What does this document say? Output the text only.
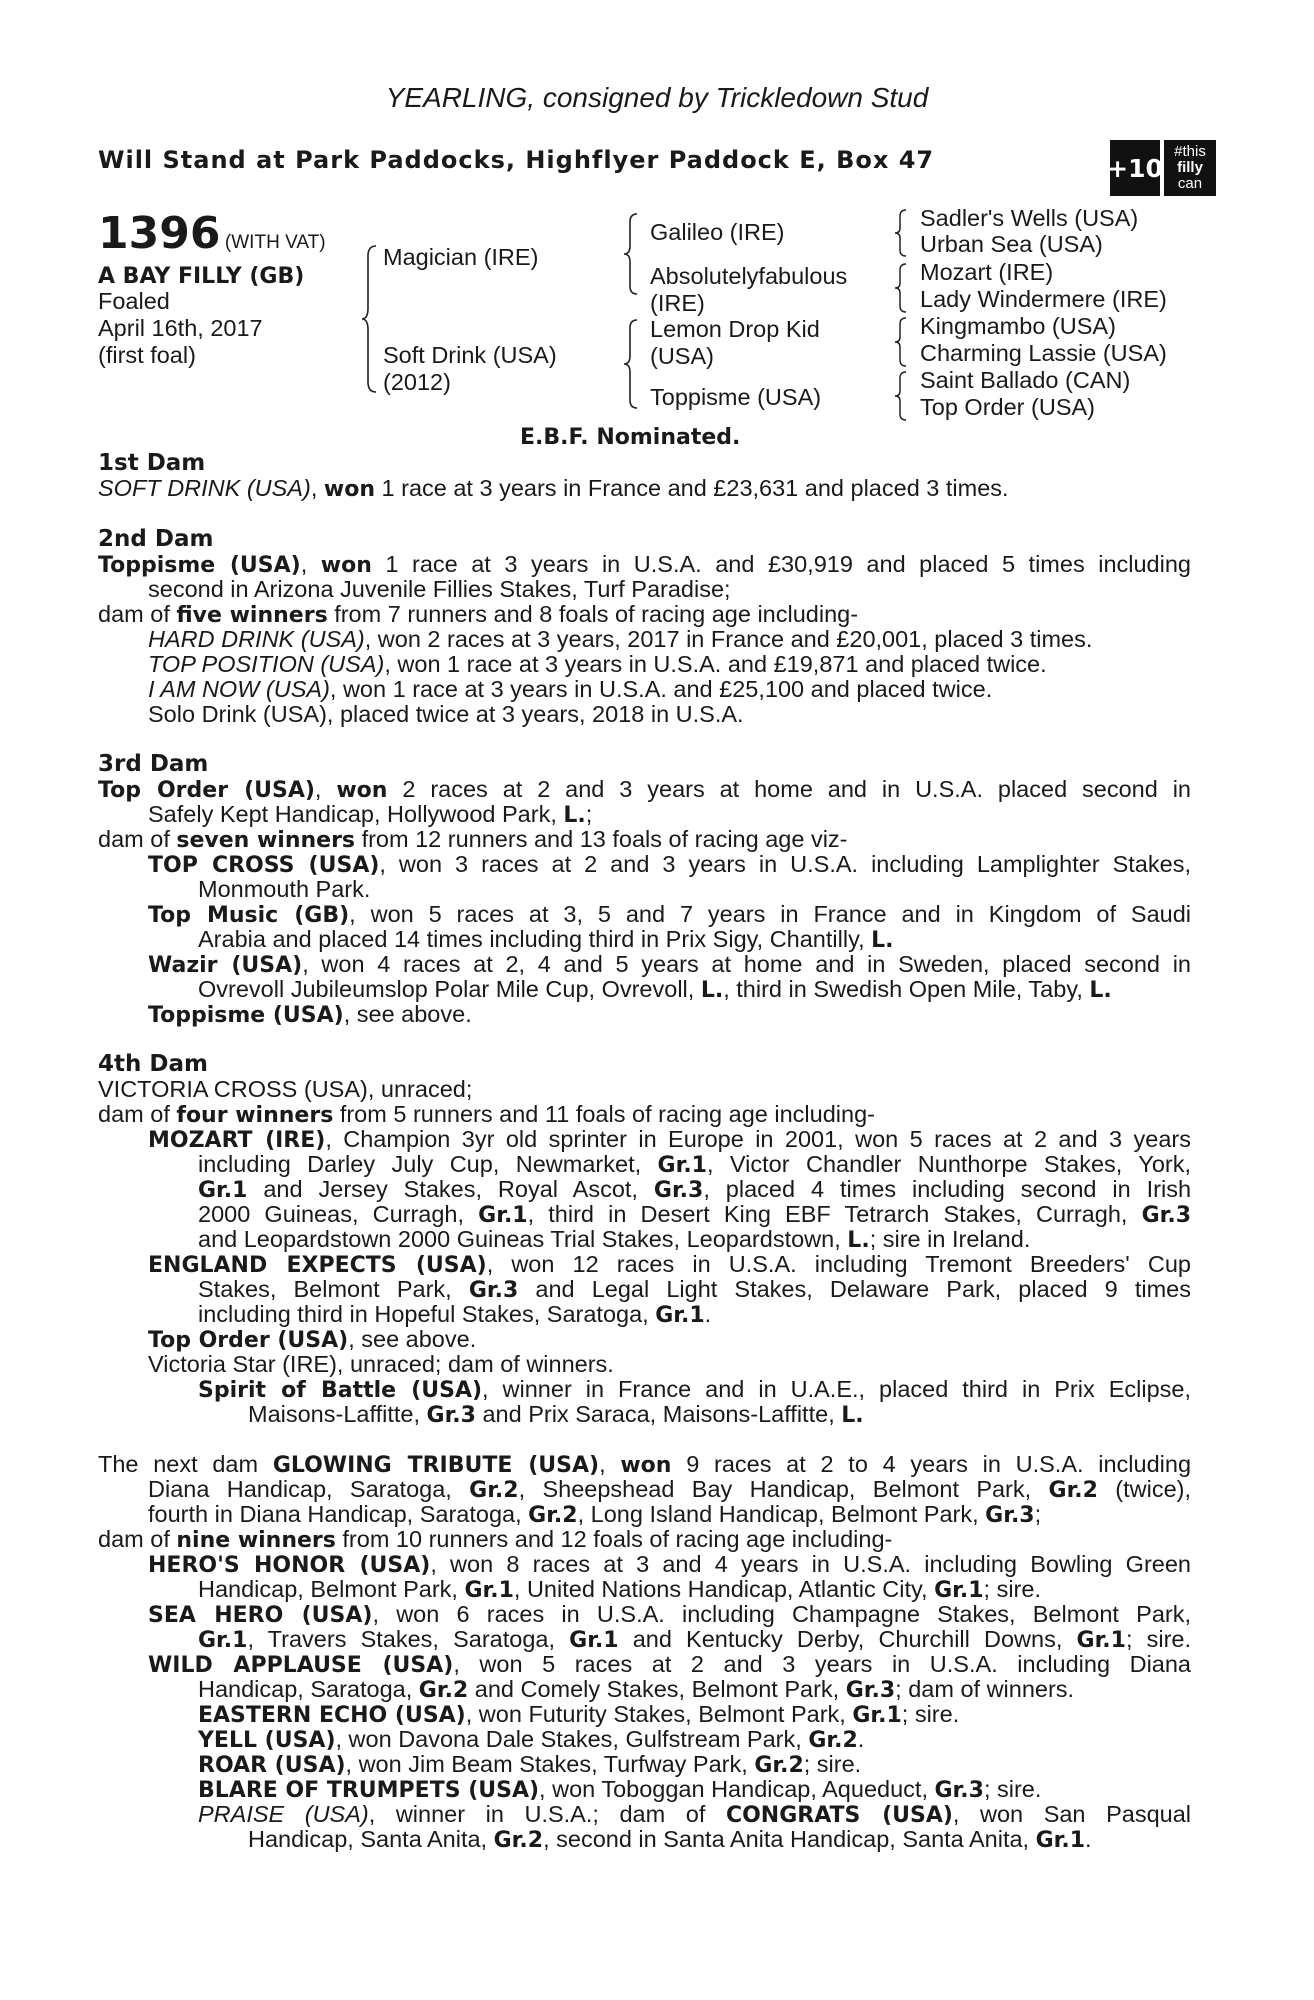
YEARLING, consigned by Trickledown Stud
Will Stand at Park Paddocks, Highflyer Paddock E, Box 47	+10
#this
filly
can
1396 (WITH VAT)
A BAY FILLY (GB)
Foaled
April 16th, 2017
(first foal)
Magician (IRE)
Soft Drink (USA)
(2012)
Galileo (IRE)
Absolutelyfabulous
(IRE)
Lemon Drop Kid
(USA)
Toppisme (USA)
Sadler's Wells (USA)
Urban Sea (USA)
Mozart (IRE)
Lady Windermere (IRE)
Kingmambo (USA)
Charming Lassie (USA)
Saint Ballado (CAN)
Top Order (USA)
E.B.F. Nominated.
1st Dam
SOFT DRINK (USA), won 1 race at 3 years in France and £23,631 and placed 3 times.
2nd Dam
Toppisme (USA), won 1 race at 3 years in U.S.A. and £30,919 and placed 5 times including
second in Arizona Juvenile Fillies Stakes, Turf Paradise;
dam of five winners from 7 runners and 8 foals of racing age including-
HARD DRINK (USA), won 2 races at 3 years, 2017 in France and £20,001, placed 3 times.
TOP POSITION (USA), won 1 race at 3 years in U.S.A. and £19,871 and placed twice.
I AM NOW (USA), won 1 race at 3 years in U.S.A. and £25,100 and placed twice.
Solo Drink (USA), placed twice at 3 years, 2018 in U.S.A.
3rd Dam
Top Order (USA), won 2 races at 2 and 3 years at home and in U.S.A. placed second in
Safely Kept Handicap, Hollywood Park, L.;
dam of seven winners from 12 runners and 13 foals of racing age viz-
TOP CROSS (USA), won 3 races at 2 and 3 years in U.S.A. including Lamplighter Stakes,
Monmouth Park.
Top Music (GB), won 5 races at 3, 5 and 7 years in France and in Kingdom of Saudi
Arabia and placed 14 times including third in Prix Sigy, Chantilly, L.
Wazir (USA), won 4 races at 2, 4 and 5 years at home and in Sweden, placed second in
Ovrevoll Jubileumslop Polar Mile Cup, Ovrevoll, L., third in Swedish Open Mile, Taby, L.
Toppisme (USA), see above.
4th Dam
VICTORIA CROSS (USA), unraced;
dam of four winners from 5 runners and 11 foals of racing age including-
MOZART (IRE), Champion 3yr old sprinter in Europe in 2001, won 5 races at 2 and 3 years
including Darley July Cup, Newmarket, Gr.1, Victor Chandler Nunthorpe Stakes, York,
Gr.1 and Jersey Stakes, Royal Ascot, Gr.3, placed 4 times including second in Irish
2000 Guineas, Curragh, Gr.1, third in Desert King EBF Tetrarch Stakes, Curragh, Gr.3
and Leopardstown 2000 Guineas Trial Stakes, Leopardstown, L.; sire in Ireland.
ENGLAND EXPECTS (USA), won 12 races in U.S.A. including Tremont Breeders' Cup
Stakes, Belmont Park, Gr.3 and Legal Light Stakes, Delaware Park, placed 9 times
including third in Hopeful Stakes, Saratoga, Gr.1.
Top Order (USA), see above.
Victoria Star (IRE), unraced; dam of winners.
Spirit of Battle (USA), winner in France and in U.A.E., placed third in Prix Eclipse,
Maisons-Laffitte, Gr.3 and Prix Saraca, Maisons-Laffitte, L.
The next dam GLOWING TRIBUTE (USA), won 9 races at 2 to 4 years in U.S.A. including
Diana Handicap, Saratoga, Gr.2, Sheepshead Bay Handicap, Belmont Park, Gr.2 (twice),
fourth in Diana Handicap, Saratoga, Gr.2, Long Island Handicap, Belmont Park, Gr.3;
dam of nine winners from 10 runners and 12 foals of racing age including-
HERO'S HONOR (USA), won 8 races at 3 and 4 years in U.S.A. including Bowling Green
Handicap, Belmont Park, Gr.1, United Nations Handicap, Atlantic City, Gr.1; sire.
SEA HERO (USA), won 6 races in U.S.A. including Champagne Stakes, Belmont Park,
Gr.1, Travers Stakes, Saratoga, Gr.1 and Kentucky Derby, Churchill Downs, Gr.1; sire.
WILD APPLAUSE (USA), won 5 races at 2 and 3 years in U.S.A. including Diana
Handicap, Saratoga, Gr.2 and Comely Stakes, Belmont Park, Gr.3; dam of winners.
EASTERN ECHO (USA), won Futurity Stakes, Belmont Park, Gr.1; sire.
YELL (USA), won Davona Dale Stakes, Gulfstream Park, Gr.2.
ROAR (USA), won Jim Beam Stakes, Turfway Park, Gr.2; sire.
BLARE OF TRUMPETS (USA), won Toboggan Handicap, Aqueduct, Gr.3; sire.
PRAISE (USA), winner in U.S.A.; dam of CONGRATS (USA), won San Pasqual
Handicap, Santa Anita, Gr.2, second in Santa Anita Handicap, Santa Anita, Gr.1.
